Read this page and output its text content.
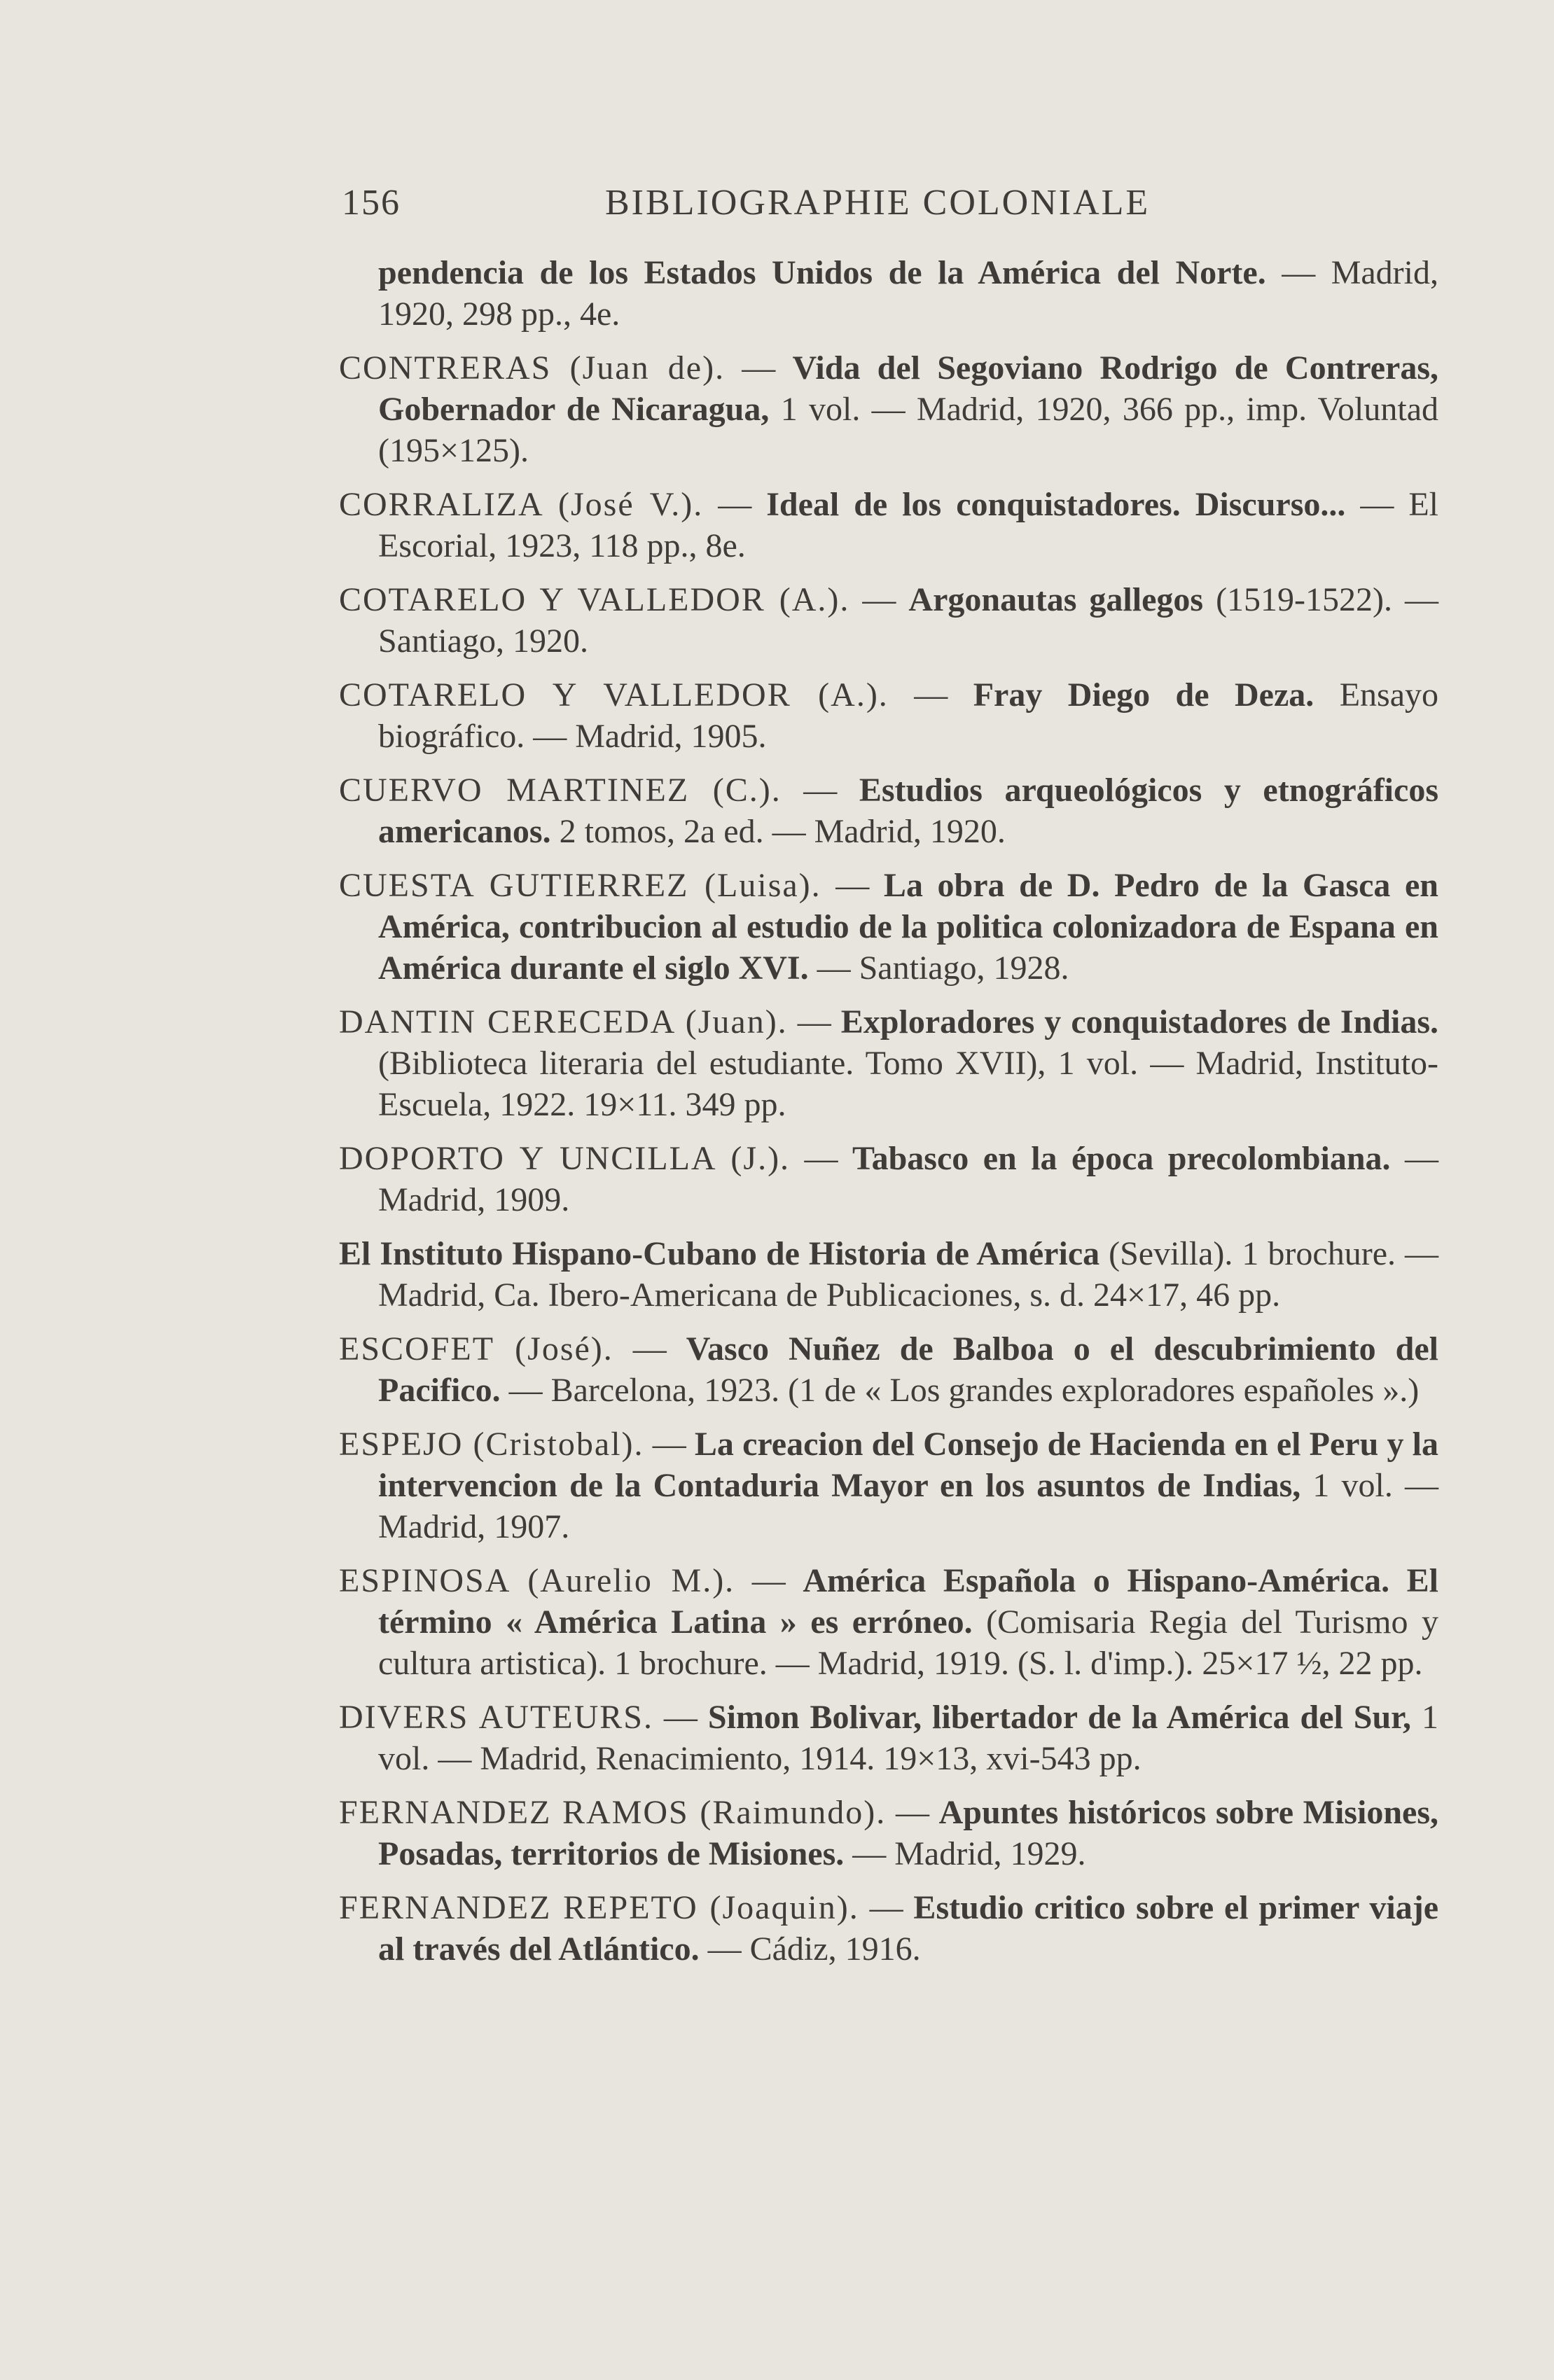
156	BIBLIOGRAPHIE COLONIALE

pendencia de los Estados Unidos de la América del Norte. — Madrid, 1920, 298 pp., 4e.

CONTRERAS (Juan de). — Vida del Segoviano Rodrigo de Contreras, Gobernador de Nicaragua, 1 vol. — Madrid, 1920, 366 pp., imp. Voluntad (195×125).

CORRALIZA (José V.). — Ideal de los conquistadores. Discurso... — El Escorial, 1923, 118 pp., 8e.

COTARELO Y VALLEDOR (A.). — Argonautas gallegos (1519-1522). — Santiago, 1920.

COTARELO Y VALLEDOR (A.). — Fray Diego de Deza. Ensayo biográfico. — Madrid, 1905.

CUERVO MARTINEZ (C.). — Estudios arqueológicos y etnográficos americanos. 2 tomos, 2a ed. — Madrid, 1920.

CUESTA GUTIERREZ (Luisa). — La obra de D. Pedro de la Gasca en América, contribucion al estudio de la politica colonizadora de Espana en América durante el siglo XVI. — Santiago, 1928.

DANTIN CERECEDA (Juan). — Exploradores y conquistadores de Indias. (Biblioteca literaria del estudiante. Tomo XVII), 1 vol. — Madrid, Instituto-Escuela, 1922. 19×11. 349 pp.

DOPORTO Y UNCILLA (J.). — Tabasco en la época precolombiana. — Madrid, 1909.

El Instituto Hispano-Cubano de Historia de América (Sevilla). 1 brochure. — Madrid, Ca. Ibero-Americana de Publicaciones, s. d. 24×17, 46 pp.

ESCOFET (José). — Vasco Nuñez de Balboa o el descubrimiento del Pacifico. — Barcelona, 1923. (1 de « Los grandes exploradores españoles ».)

ESPEJO (Cristobal). — La creacion del Consejo de Hacienda en el Peru y la intervencion de la Contaduria Mayor en los asuntos de Indias, 1 vol. — Madrid, 1907.

ESPINOSA (Aurelio M.). — América Española o Hispano-América. El término « América Latina » es erróneo. (Comisaria Regia del Turismo y cultura artistica). 1 brochure. — Madrid, 1919. (S. l. d'imp.). 25×17 ½, 22 pp.

DIVERS AUTEURS. — Simon Bolivar, libertador de la América del Sur, 1 vol. — Madrid, Renacimiento, 1914. 19×13, xvi-543 pp.

FERNANDEZ RAMOS (Raimundo). — Apuntes históricos sobre Misiones, Posadas, territorios de Misiones. — Madrid, 1929.

FERNANDEZ REPETO (Joaquin). — Estudio critico sobre el primer viaje al través del Atlántico. — Cádiz, 1916.
